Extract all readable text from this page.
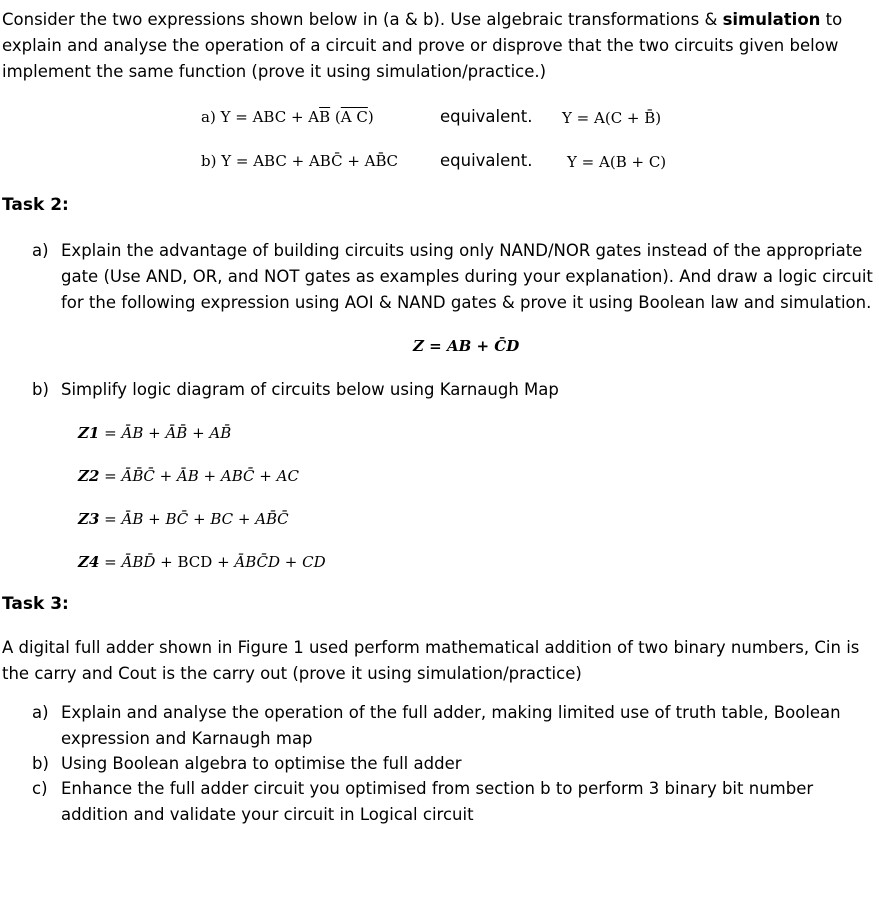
Consider the two expressions shown below in (a & b). Use algebraic transformations & simulation to explain and analyse the operation of a circuit and prove or disprove that the two circuits given below implement the same function (prove it using simulation/practice.)
a) Y = ABC + $A\overline{B}$ (A C)	equivalent. Y = A(C + B̄)
b) Y = ABC + ABC̄ + AB̄C	equivalent. Y = A(B + C)
Task 2:
a) Explain the advantage of building circuits using only NAND/NOR gates instead of the appropriate gate (Use AND, OR, and NOT gates as examples during your explanation). And draw a logic circuit for the following expression using AOI & NAND gates & prove it using Boolean law and simulation.
Z = AB + C̄D
b) Simplify logic diagram of circuits below using Karnaugh Map
Z1 = ĀB + ĀB̄ + AB̄
Z2 = ĀB̄C̄ + ĀB + ABC̄ + AC
Z3 = ĀB + BC̄ + BC + AB̄C̄
Z4 = ĀBD̄ + BCD + ĀBC̄D + CD
Task 3:
A digital full adder shown in Figure 1 used perform mathematical addition of two binary numbers, Cin is the carry and Cout is the carry out (prove it using simulation/practice)
a) Explain and analyse the operation of the full adder, making limited use of truth table, Boolean expression and Karnaugh map
b) Using Boolean algebra to optimise the full adder
c) Enhance the full adder circuit you optimised from section b to perform 3 binary bit number addition and validate your circuit in Logical circuit
